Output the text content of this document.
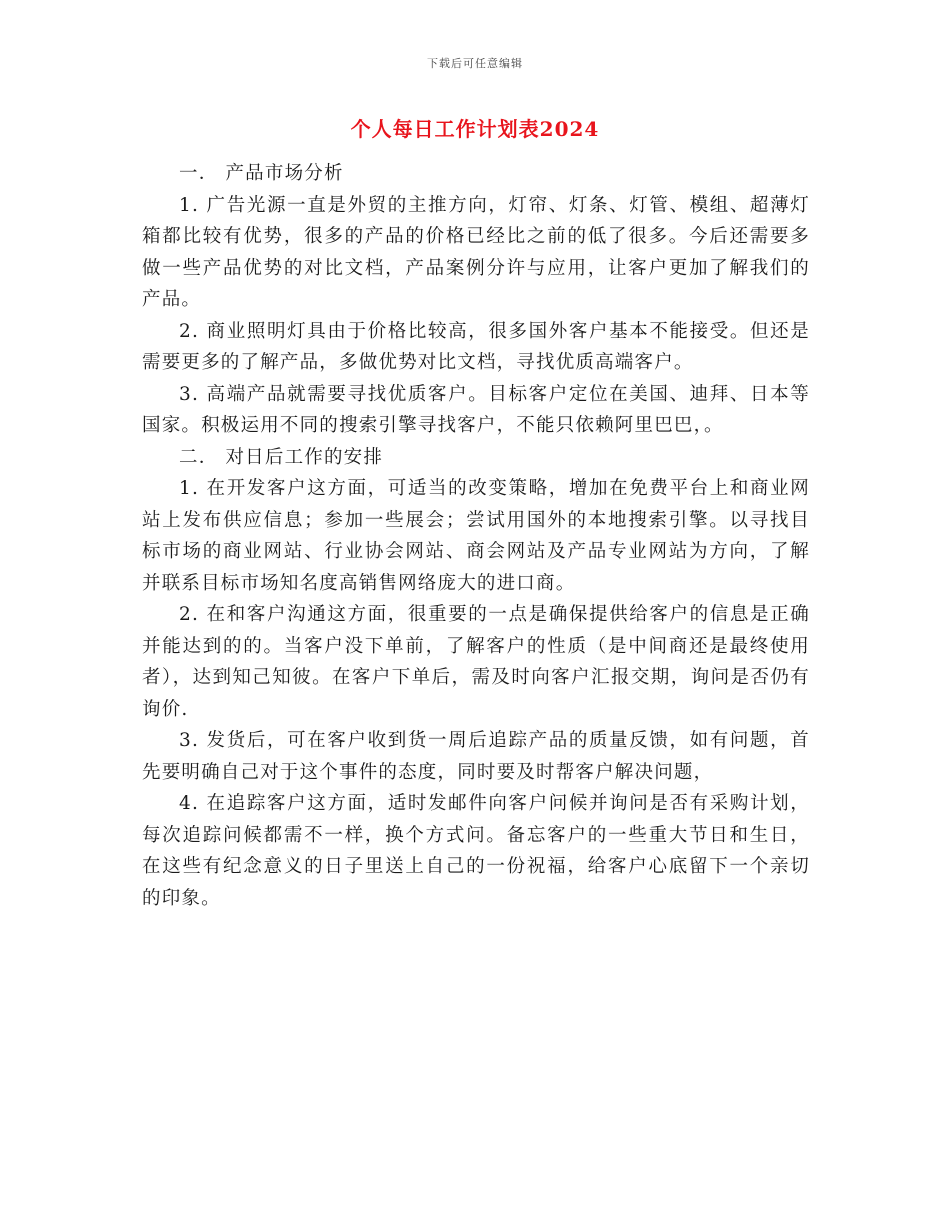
下载后可任意编辑
个人每日工作计划表2024

一． 产品市场分析

1. 广告光源一直是外贸的主推方向，灯帘、灯条、灯管、模组、超薄灯箱都比较有优势，很多的产品的价格已经比之前的低了很多。今后还需要多做一些产品优势的对比文档，产品案例分许与应用，让客户更加了解我们的产品。

2. 商业照明灯具由于价格比较高，很多国外客户基本不能接受。但还是需要更多的了解产品，多做优势对比文档，寻找优质高端客户。

3. 高端产品就需要寻找优质客户。目标客户定位在美国、迪拜、日本等国家。积极运用不同的搜索引擎寻找客户，不能只依赖阿里巴巴，。

二． 对日后工作的安排

1. 在开发客户这方面，可适当的改变策略，增加在免费平台上和商业网站上发布供应信息；参加一些展会；尝试用国外的本地搜索引擎。以寻找目标市场的商业网站、行业协会网站、商会网站及产品专业网站为方向，了解并联系目标市场知名度高销售网络庞大的进口商。

2. 在和客户沟通这方面，很重要的一点是确保提供给客户的信息是正确并能达到的的。当客户没下单前，了解客户的性质（是中间商还是最终使用者），达到知己知彼。在客户下单后，需及时向客户汇报交期，询问是否仍有询价.

3. 发货后，可在客户收到货一周后追踪产品的质量反馈，如有问题，首先要明确自己对于这个事件的态度，同时要及时帮客户解决问题，

4. 在追踪客户这方面，适时发邮件向客户问候并询问是否有采购计划，每次追踪问候都需不一样，换个方式问。备忘客户的一些重大节日和生日，在这些有纪念意义的日子里送上自己的一份祝福，给客户心底留下一个亲切的印象。
